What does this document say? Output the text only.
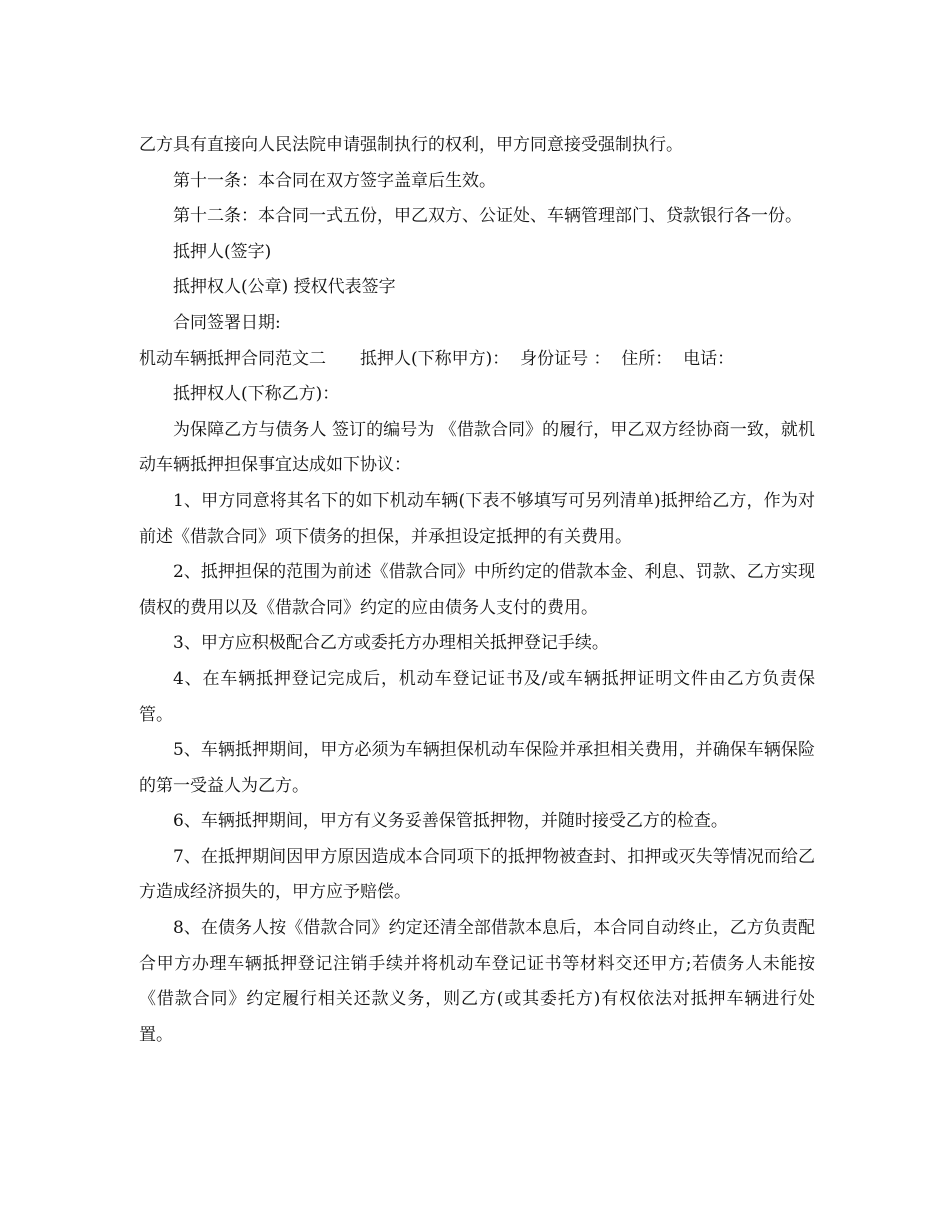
乙方具有直接向人民法院申请强制执行的权利，甲方同意接受强制执行。

第十一条：本合同在双方签字盖章后生效。

第十二条：本合同一式五份，甲乙双方、公证处、车辆管理部门、贷款银行各一份。

抵押人(签字)

抵押权人(公章) 授权代表签字

合同签署日期:

机动车辆抵押合同范文二　　抵押人(下称甲方)：  身份证号 ：  住所：  电话：

抵押权人(下称乙方)：

为保障乙方与债务人 签订的编号为 《借款合同》的履行，甲乙双方经协商一致，就机动车辆抵押担保事宜达成如下协议：

1、甲方同意将其名下的如下机动车辆(下表不够填写可另列清单)抵押给乙方，作为对前述《借款合同》项下债务的担保，并承担设定抵押的有关费用。

2、抵押担保的范围为前述《借款合同》中所约定的借款本金、利息、罚款、乙方实现债权的费用以及《借款合同》约定的应由债务人支付的费用。

3、甲方应积极配合乙方或委托方办理相关抵押登记手续。

4、在车辆抵押登记完成后，机动车登记证书及/或车辆抵押证明文件由乙方负责保管。

5、车辆抵押期间，甲方必须为车辆担保机动车保险并承担相关费用，并确保车辆保险的第一受益人为乙方。

6、车辆抵押期间，甲方有义务妥善保管抵押物，并随时接受乙方的检查。

7、在抵押期间因甲方原因造成本合同项下的抵押物被查封、扣押或灭失等情况而给乙方造成经济损失的，甲方应予赔偿。

8、在债务人按《借款合同》约定还清全部借款本息后，本合同自动终止，乙方负责配合甲方办理车辆抵押登记注销手续并将机动车登记证书等材料交还甲方;若债务人未能按《借款合同》约定履行相关还款义务，则乙方(或其委托方)有权依法对抵押车辆进行处置。
